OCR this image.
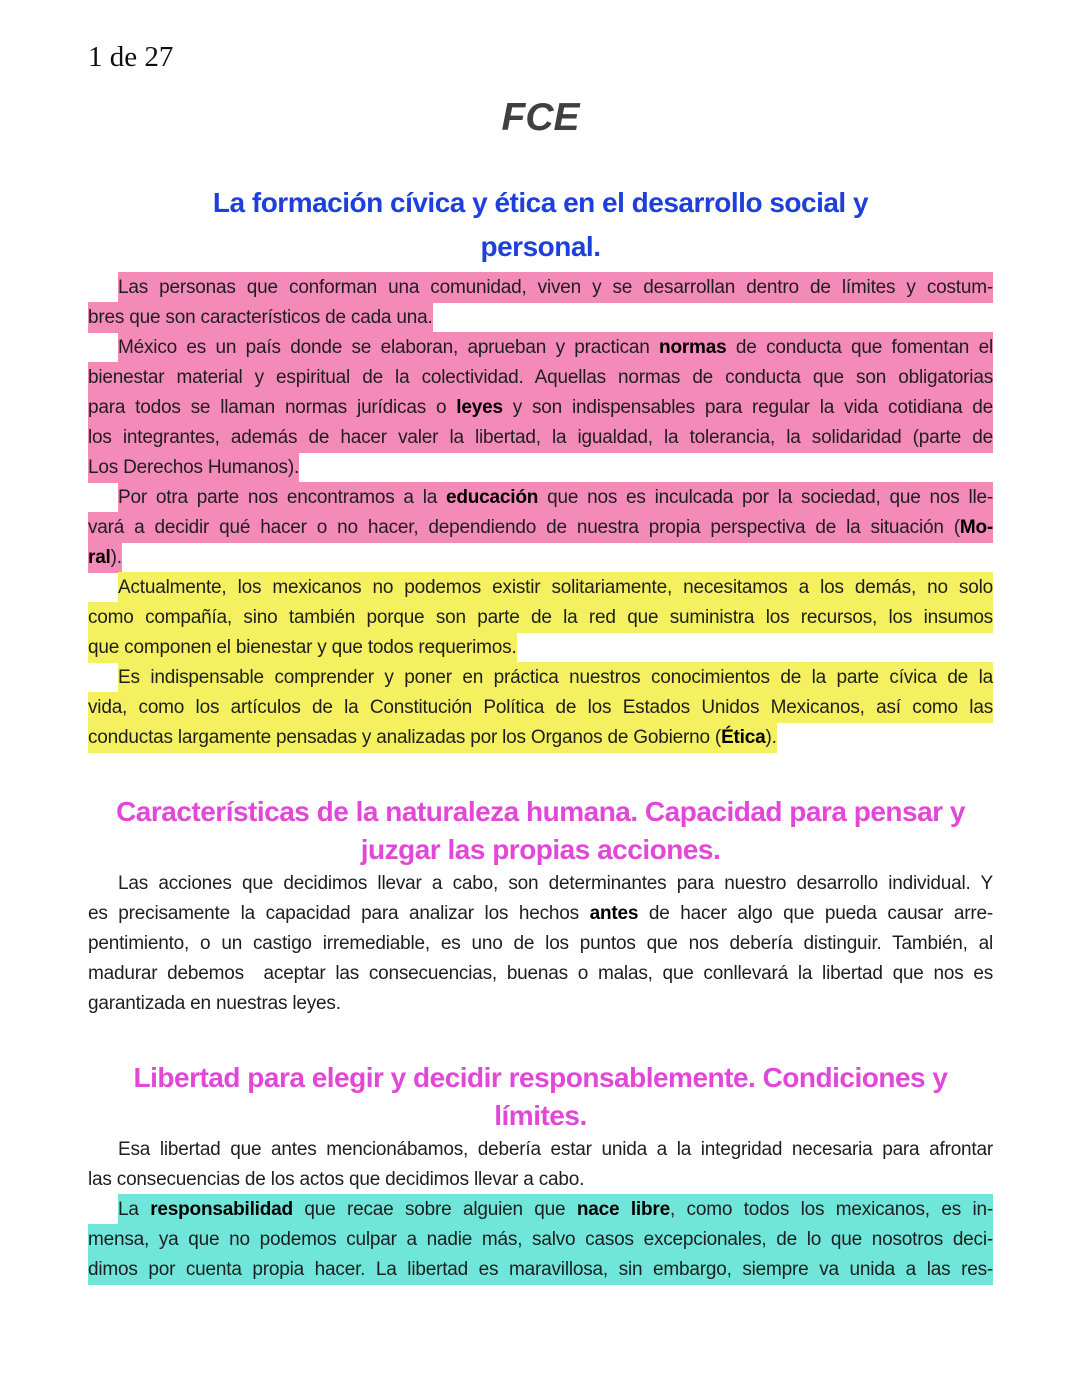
1 de 27
FCE
La formación cívica y ética en el desarrollo social y
personal.
Las personas que conforman una comunidad, viven y se desarrollan dentro de límites y costum-
bres que son característicos de cada una.
México es un país donde se elaboran, aprueban y practican normas de conducta que fomentan el
bienestar material y espiritual de la colectividad. Aquellas normas de conducta que son obligatorias
para todos se llaman normas jurídicas o leyes y son indispensables para regular la vida cotidiana de
los integrantes, además de hacer valer la libertad, la igualdad, la tolerancia, la solidaridad (parte de
Los Derechos Humanos).
Por otra parte nos encontramos a la educación que nos es inculcada por la sociedad, que nos lle-
vará a decidir qué hacer o no hacer, dependiendo de nuestra propia perspectiva de la situación (Mo-
ral).
Actualmente, los mexicanos no podemos existir solitariamente, necesitamos a los demás, no solo
como compañía, sino también porque son parte de la red que suministra los recursos, los insumos
que componen el bienestar y que todos requerimos.
Es indispensable comprender y poner en práctica nuestros conocimientos de la parte cívica de la
vida, como los artículos de la Constitución Política de los Estados Unidos Mexicanos, así como las
conductas largamente pensadas y analizadas por los Organos de Gobierno (Ética).
Características de la naturaleza humana. Capacidad para pensar y
juzgar las propias acciones.
Las acciones que decidimos llevar a cabo, son determinantes para nuestro desarrollo individual. Y
es precisamente la capacidad para analizar los hechos antes de hacer algo que pueda causar arre-
pentimiento, o un castigo irremediable, es uno de los puntos que nos debería distinguir. También, al
madurar debemos  aceptar las consecuencias, buenas o malas, que conllevará la libertad que nos es
garantizada en nuestras leyes.
Libertad para elegir y decidir responsablemente. Condiciones y
límites.
Esa libertad que antes mencionábamos, debería estar unida a la integridad necesaria para afrontar
las consecuencias de los actos que decidimos llevar a cabo.
La responsabilidad que recae sobre alguien que nace libre, como todos los mexicanos, es in-
mensa, ya que no podemos culpar a nadie más, salvo casos excepcionales, de lo que nosotros deci-
dimos por cuenta propia hacer. La libertad es maravillosa, sin embargo, siempre va unida a las res-
